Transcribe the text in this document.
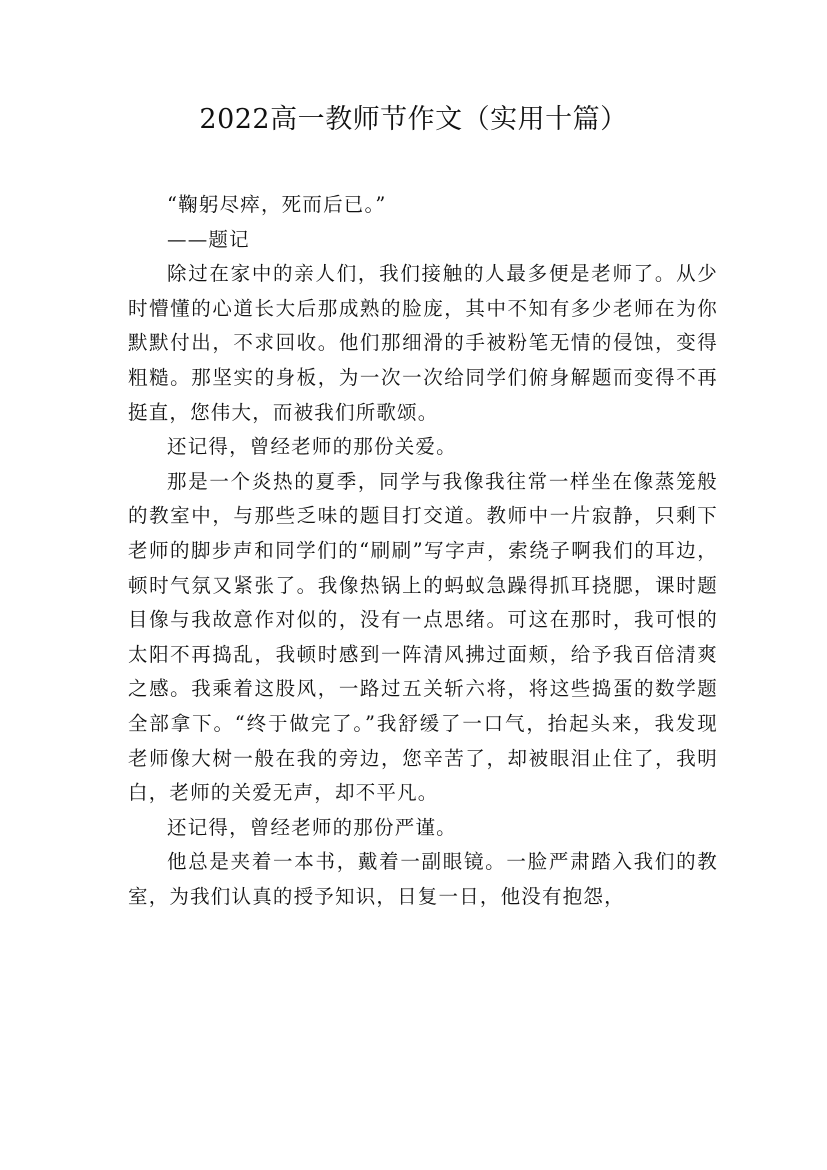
2022高一教师节作文（实用十篇）

“鞠躬尽瘁，死而后已。”

——题记

除过在家中的亲人们，我们接触的人最多便是老师了。从少时懵懂的心道长大后那成熟的脸庞，其中不知有多少老师在为你默默付出，不求回收。他们那细滑的手被粉笔无情的侵蚀，变得粗糙。那坚实的身板，为一次一次给同学们俯身解题而变得不再挺直，您伟大，而被我们所歌颂。

还记得，曾经老师的那份关爱。

那是一个炎热的夏季，同学与我像我往常一样坐在像蒸笼般的教室中，与那些乏味的题目打交道。教师中一片寂静，只剩下老师的脚步声和同学们的“刷刷”写字声，索绕子啊我们的耳边，顿时气氛又紧张了。我像热锅上的蚂蚁急躁得抓耳挠腮，课时题目像与我故意作对似的，没有一点思绪。可这在那时，我可恨的太阳不再捣乱，我顿时感到一阵清风拂过面颊，给予我百倍清爽之感。我乘着这股风，一路过五关斩六将，将这些捣蛋的数学题全部拿下。“终于做完了。”我舒缓了一口气，抬起头来，我发现老师像大树一般在我的旁边，您辛苦了，却被眼泪止住了，我明白，老师的关爱无声，却不平凡。

还记得，曾经老师的那份严谨。

他总是夹着一本书，戴着一副眼镜。一脸严肃踏入我们的教室，为我们认真的授予知识，日复一日，他没有抱怨，
